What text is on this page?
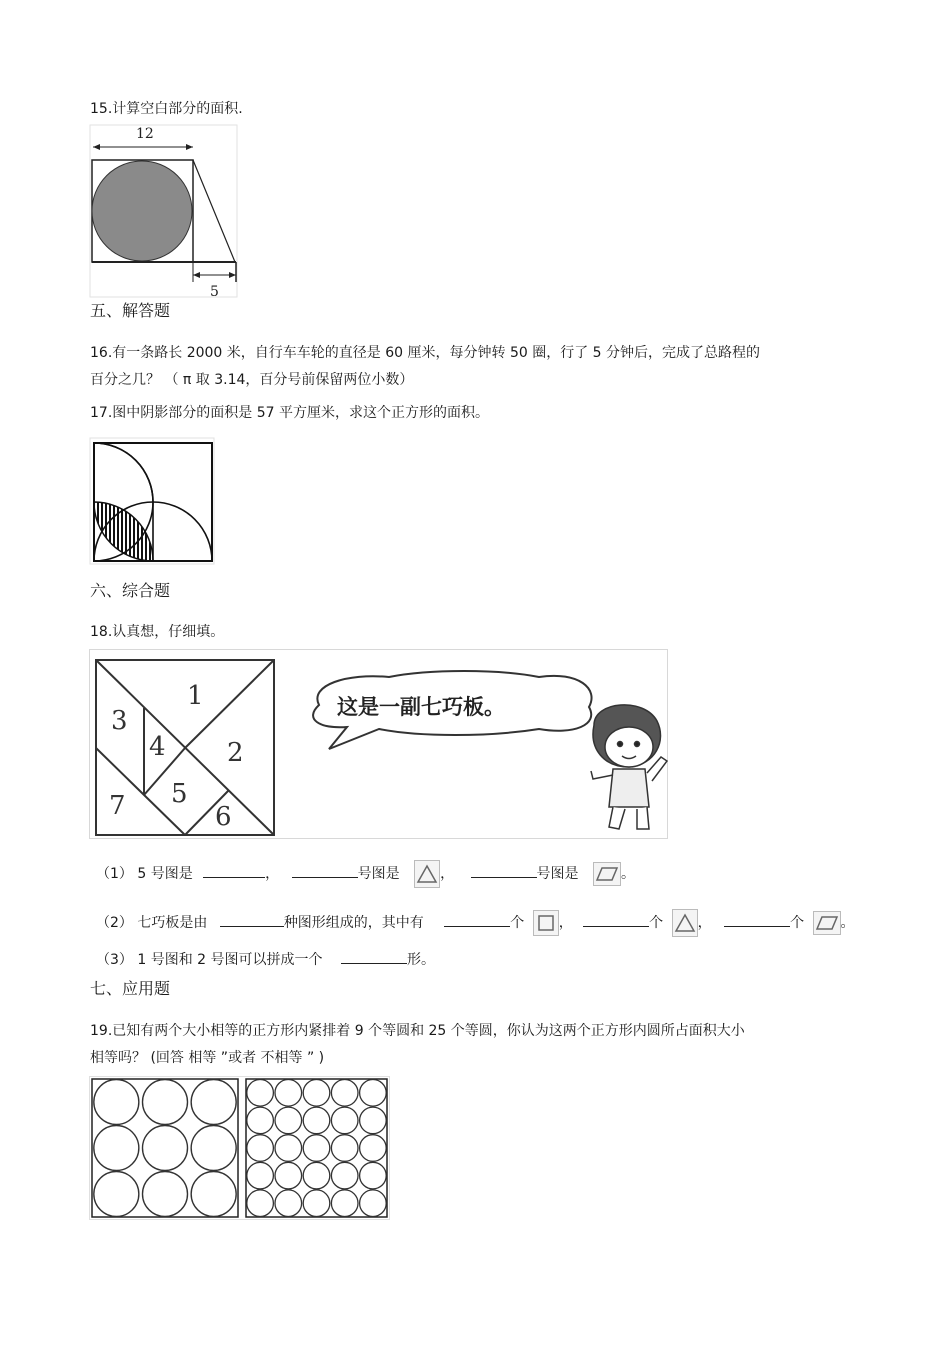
15.计算空白部分的面积.
12
5
五、解答题
16.有一条路长 2000 米，自行车车轮的直径是 60 厘米，每分钟转 50 圈，行了 5 分钟后，完成了总路程的
百分之几？ （ π 取 3.14，百分号前保留两位小数）
17.图中阴影部分的面积是 57 平方厘米，求这个正方形的面积。
六、综合题
18.认真想，仔细填。
1
2
3
4
5
6
7
这是一副七巧板。
（1） 5 号图是	，	号图是	，	号图是	。
（2） 七巧板是由	种图形组成的，其中有	个 ，	个 ，	个	。
（3） 1 号图和 2 号图可以拼成一个	形。
七、应用题
19.已知有两个大小相等的正方形内紧排着 9 个等圆和 25 个等圆，你认为这两个正方形内圆所占面积大小
相等吗？ (回答 相等 ”或者 不相等 ” )
